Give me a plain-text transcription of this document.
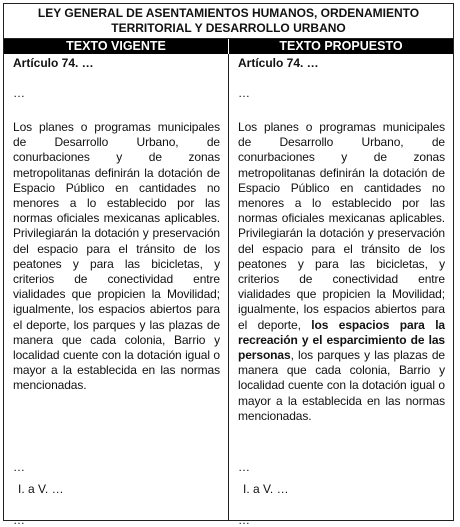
LEY GENERAL DE ASENTAMIENTOS HUMANOS, ORDENAMIENTO TERRITORIAL Y DESARROLLO URBANO
TEXTO VIGENTE	TEXTO PROPUESTO

Artículo 74. …

…

Los planes o programas municipales de Desarrollo Urbano, de conurbaciones y de zonas metropolitanas definirán la dotación de Espacio Público en cantidades no menores a lo establecido por las normas oficiales mexicanas aplicables. Privilegiarán la dotación y preservación del espacio para el tránsito de los peatones y para las bicicletas, y criterios de conectividad entre vialidades que propicien la Movilidad; igualmente, los espacios abiertos para el deporte, los parques y las plazas de manera que cada colonia, Barrio y localidad cuente con la dotación igual o mayor a la establecida en las normas mencionadas.

…
I. a V. …
…

Artículo 74. …

…

Los planes o programas municipales de Desarrollo Urbano, de conurbaciones y de zonas metropolitanas definirán la dotación de Espacio Público en cantidades no menores a lo establecido por las normas oficiales mexicanas aplicables. Privilegiarán la dotación y preservación del espacio para el tránsito de los peatones y para las bicicletas, y criterios de conectividad entre vialidades que propicien la Movilidad; igualmente, los espacios abiertos para el deporte, los espacios para la recreación y el esparcimiento de las personas, los parques y las plazas de manera que cada colonia, Barrio y localidad cuente con la dotación igual o mayor a la establecida en las normas mencionadas.

…
I. a V. …
…
